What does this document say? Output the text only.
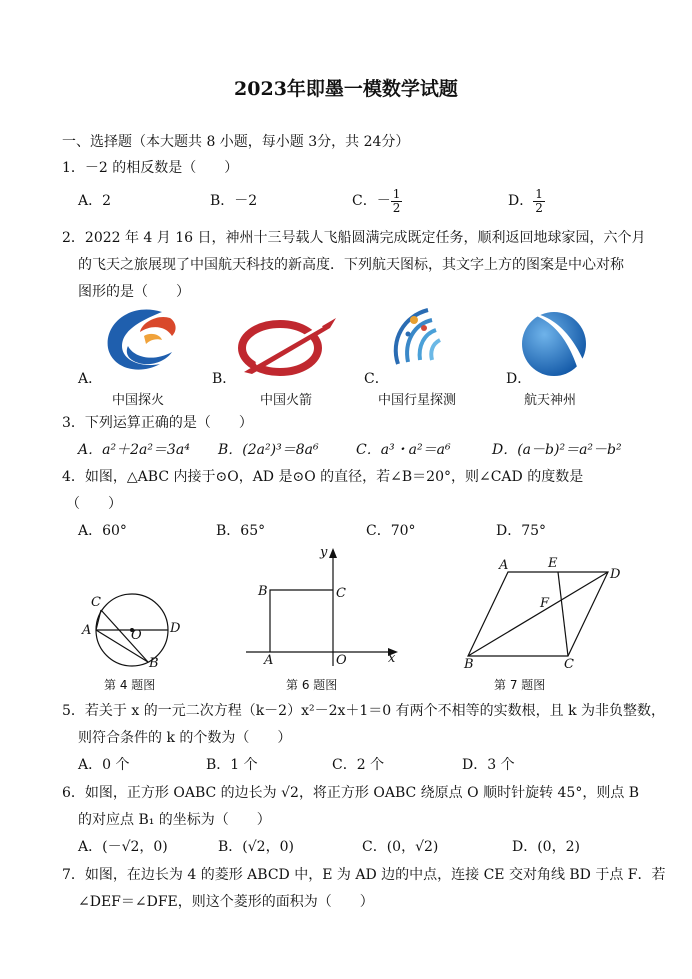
2023年即墨一模数学试题
一、选择题（本大题共 8 小题，每小题 3分，共 24分）
1．－2 的相反数是（　　）
A．2	B．－2	C．－ $\frac{1}{2}$	D． $\frac{1}{2}$
2．2022 年 4 月 16 日，神州十三号载人飞船圆满完成既定任务，顺利返回地球家园，六个月
的飞天之旅展现了中国航天科技的新高度．下列航天图标，其文字上方的图案是中心对称
图形的是（　　）
A．	B．	C．	D．
中国探火	中国火箭	中国行星探测	航天神州
3．下列运算正确的是（　　）
A．a²＋2a²＝3a⁴ B．(2a²)³＝8a⁶	C．a³・a²＝a⁶	D．(a－b)²＝a²－b²
4．如图，△ABC 内接于⊙O，AD 是⊙O 的直径，若∠B＝20°，则∠CAD 的度数是
（　　）
A．60°	B．65°	C．70°	D．75°
C
A	O D
B
第 4 题图
y
x
B	C
A	O
第 6 题图
A	E
D
F
B	C
第 7 题图
5．若关于 x 的一元二次方程（k－2）x²－2x＋1＝0 有两个不相等的实数根，且 k 为非负整数，
则符合条件的 k 的个数为（　　）
A．0 个	B．1 个	C．2 个	D．3 个
6．如图，正方形 OABC 的边长为 √2，将正方形 OABC 绕原点 O 顺时针旋转 45°，则点 B
的对应点 B₁ 的坐标为（　　）
A．(－√2，0)	B．(√2，0)	C．(0，√2)	D．(0，2)
7．如图，在边长为 4 的菱形 ABCD 中，E 为 AD 边的中点，连接 CE 交对角线 BD 于点 F．若
∠DEF＝∠DFE，则这个菱形的面积为（　　）
